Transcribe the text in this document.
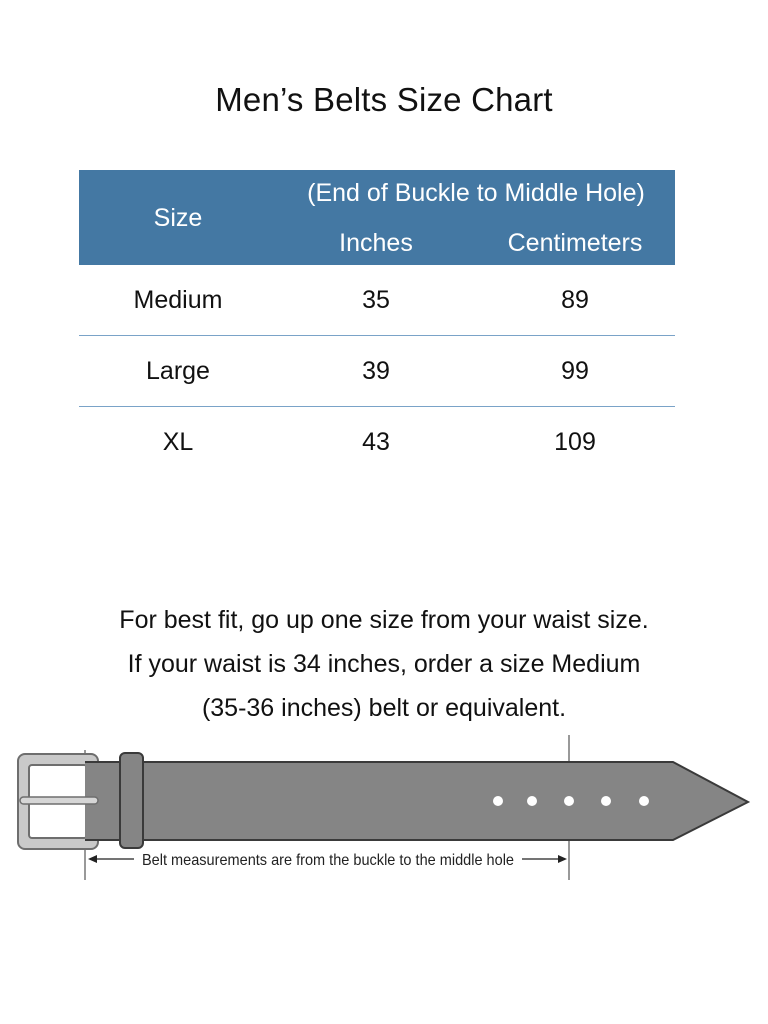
Men’s Belts Size Chart
Size
(End of Buckle to Middle Hole)
Inches	Centimeters
Medium	35	89
Large	39	99
XL	43	109
For best fit, go up one size from your waist size.
If your waist is 34 inches, order a size Medium
(35-36 inches) belt or equivalent.
Belt measurements are from the buckle to the middle hole
